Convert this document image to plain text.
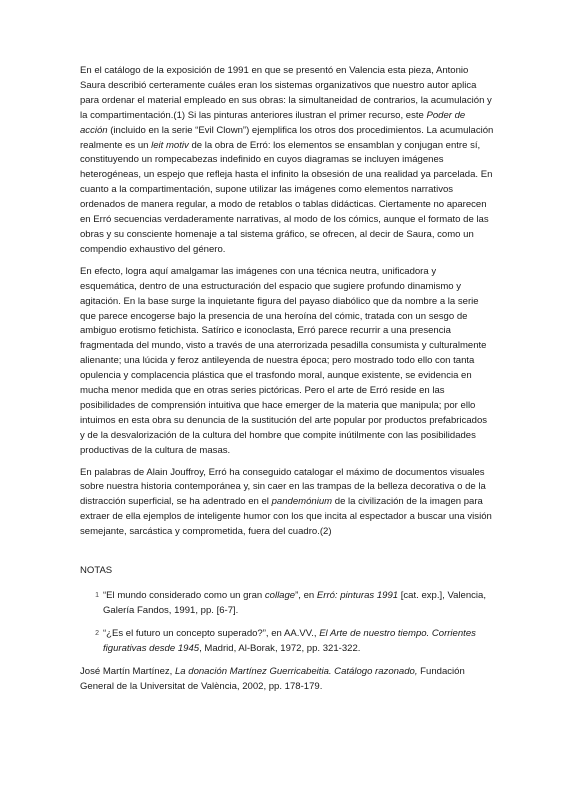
En el catálogo de la exposición de 1991 en que se presentó en Valencia esta pieza, Antonio Saura describió certeramente cuáles eran los sistemas organizativos que nuestro autor aplica para ordenar el material empleado en sus obras: la simultaneidad de contrarios, la acumulación y la compartimentación.(1) Si las pinturas anteriores ilustran el primer recurso, este Poder de acción (incluido en la serie “Evil Clown”) ejemplifica los otros dos procedimientos. La acumulación realmente es un leit motiv de la obra de Erró: los elementos se ensamblan y conjugan entre sí, constituyendo un rompecabezas indefinido en cuyos diagramas se incluyen imágenes heterogéneas, un espejo que refleja hasta el infinito la obsesión de una realidad ya parcelada. En cuanto a la compartimentación, supone utilizar las imágenes como elementos narrativos ordenados de manera regular, a modo de retablos o tablas didácticas. Ciertamente no aparecen en Erró secuencias verdaderamente narrativas, al modo de los cómics, aunque el formato de las obras y su consciente homenaje a tal sistema gráfico, se ofrecen, al decir de Saura, como un compendio exhaustivo del género.

En efecto, logra aquí amalgamar las imágenes con una técnica neutra, unificadora y esquemática, dentro de una estructuración del espacio que sugiere profundo dinamismo y agitación. En la base surge la inquietante figura del payaso diabólico que da nombre a la serie que parece encogerse bajo la presencia de una heroína del cómic, tratada con un sesgo de ambiguo erotismo fetichista. Satírico e iconoclasta, Erró parece recurrir a una presencia fragmentada del mundo, visto a través de una aterrorizada pesadilla consumista y culturalmente alienante; una lúcida y feroz antileyenda de nuestra época; pero mostrado todo ello con tanta opulencia y complacencia plástica que el trasfondo moral, aunque existente, se evidencia en mucha menor medida que en otras series pictóricas. Pero el arte de Erró reside en las posibilidades de comprensión intuitiva que hace emerger de la materia que manipula; por ello intuimos en esta obra su denuncia de la sustitución del arte popular por productos prefabricados y de la desvalorización de la cultura del hombre que compite inútilmente con las posibilidades productivas de la cultura de masas.

En palabras de Alain Jouffroy, Erró ha conseguido catalogar el máximo de documentos visuales sobre nuestra historia contemporánea y, sin caer en las trampas de la belleza decorativa o de la distracción superficial, se ha adentrado en el pandemónium de la civilización de la imagen para extraer de ella ejemplos de inteligente humor con los que incita al espectador a buscar una visión semejante, sarcástica y comprometida, fuera del cuadro.(2)

NOTAS
1 “El mundo considerado como un gran collage”, en Erró: pinturas 1991 [cat. exp.], Valencia, Galería Fandos, 1991, pp. [6-7].
2 “¿Es el futuro un concepto superado?”, en AA.VV., El Arte de nuestro tiempo. Corrientes figurativas desde 1945, Madrid, Al-Borak, 1972, pp. 321-322.

José Martín Martínez, La donación Martínez Guerricabeitia. Catálogo razonado, Fundación General de la Universitat de València, 2002, pp. 178-179.
